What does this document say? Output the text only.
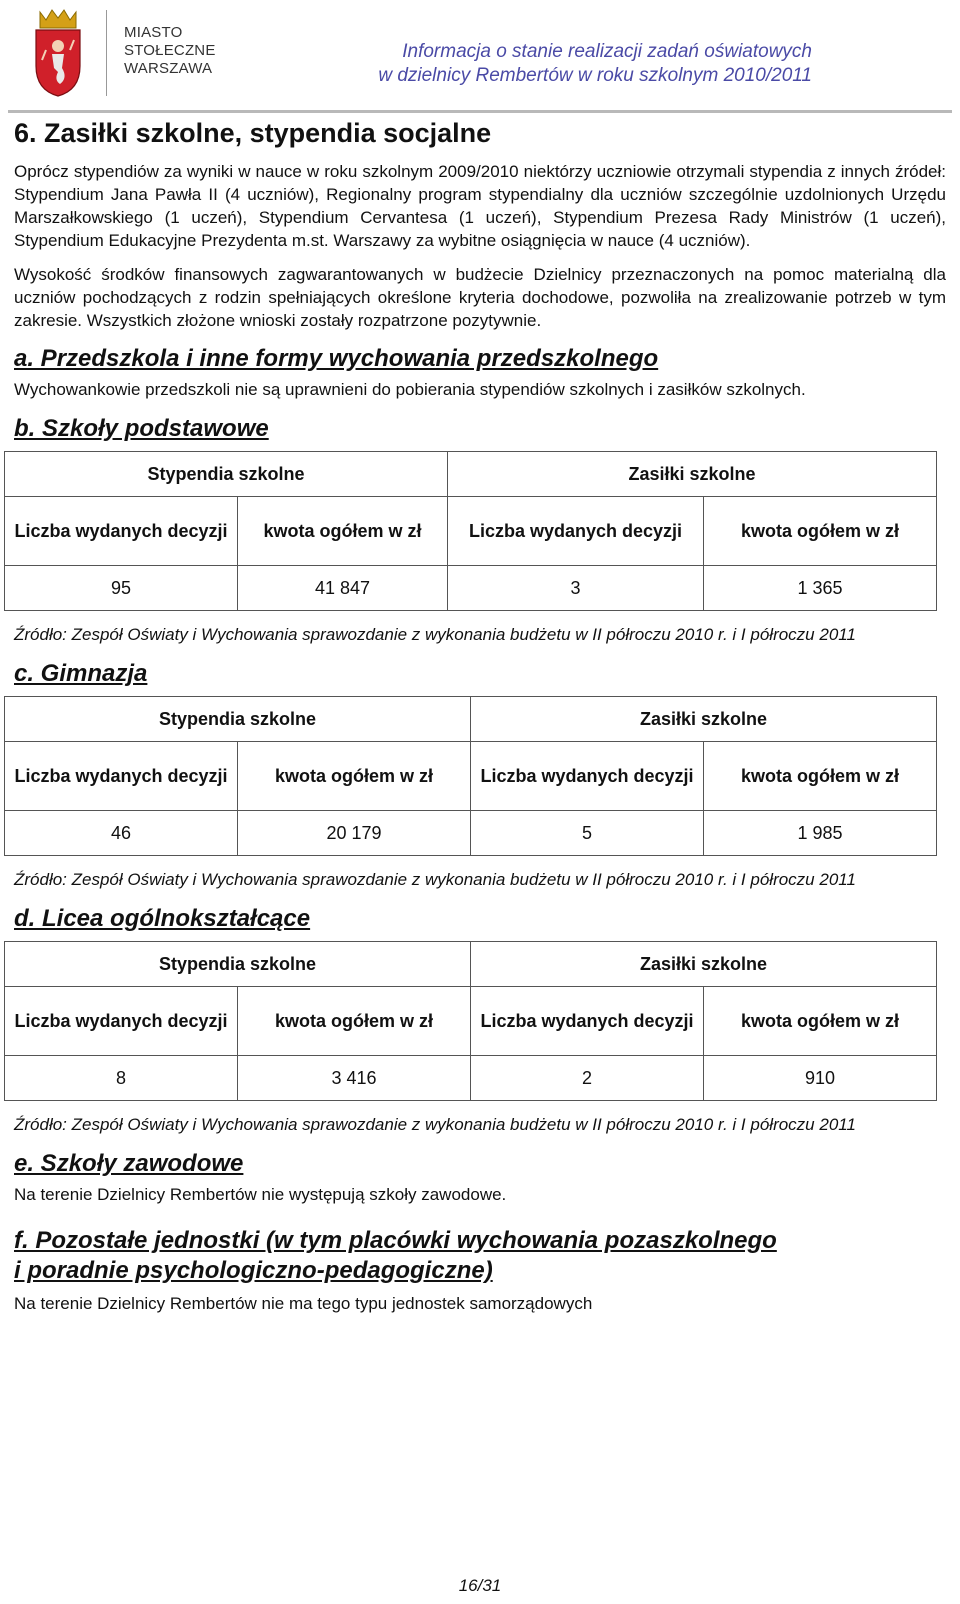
MIASTO
STOŁECZNE
WARSZAWA
Informacja o stanie realizacji zadań oświatowych
w dzielnicy Rembertów w roku szkolnym 2010/2011
6. Zasiłki szkolne, stypendia socjalne

Oprócz stypendiów za wyniki w nauce w roku szkolnym 2009/2010 niektórzy uczniowie otrzymali stypendia z innych źródeł: Stypendium Jana Pawła II (4 uczniów), Regionalny program stypendialny dla uczniów szczególnie uzdolnionych Urzędu Marszałkowskiego (1 uczeń), Stypendium Cervantesa (1 uczeń), Stypendium Prezesa Rady Ministrów (1 uczeń), Stypendium Edukacyjne Prezydenta m.st. Warszawy za wybitne osiągnięcia w nauce (4 uczniów).

Wysokość środków finansowych zagwarantowanych w budżecie Dzielnicy przeznaczonych na pomoc materialną dla uczniów pochodzących z rodzin spełniających określone kryteria dochodowe, pozwoliła na zrealizowanie potrzeb w tym zakresie. Wszystkich złożone wnioski zostały rozpatrzone pozytywnie.

a. Przedszkola i inne formy wychowania przedszkolnego

Wychowankowie przedszkoli nie są uprawnieni do pobierania stypendiów szkolnych i zasiłków szkolnych.

b. Szkoły podstawowe
Stypendia szkolne		Zasiłki szkolne	
Liczba wydanych decyzji	kwota ogółem w zł	Liczba wydanych decyzji	kwota ogółem w zł
95	41 847	3	1 365

Źródło: Zespół Oświaty i Wychowania sprawozdanie z wykonania budżetu w II półroczu 2010 r. i I półroczu 2011

c. Gimnazja
Stypendia szkolne		Zasiłki szkolne	
Liczba wydanych decyzji	kwota ogółem w zł	Liczba wydanych decyzji	kwota ogółem w zł
46	20 179	5	1 985

Źródło: Zespół Oświaty i Wychowania sprawozdanie z wykonania budżetu w II półroczu 2010 r. i I półroczu 2011

d. Licea ogólnokształcące
Stypendia szkolne		Zasiłki szkolne	
Liczba wydanych decyzji	kwota ogółem w zł	Liczba wydanych decyzji	kwota ogółem w zł
8	3 416	2	910

Źródło: Zespół Oświaty i Wychowania sprawozdanie z wykonania budżetu w II półroczu 2010 r. i I półroczu 2011

e. Szkoły zawodowe

Na terenie Dzielnicy Rembertów nie występują szkoły zawodowe.

f. Pozostałe jednostki (w tym placówki wychowania pozaszkolnego
i poradnie psychologiczno-pedagogiczne)

Na terenie Dzielnicy Rembertów nie ma tego typu jednostek samorządowych

16/31
